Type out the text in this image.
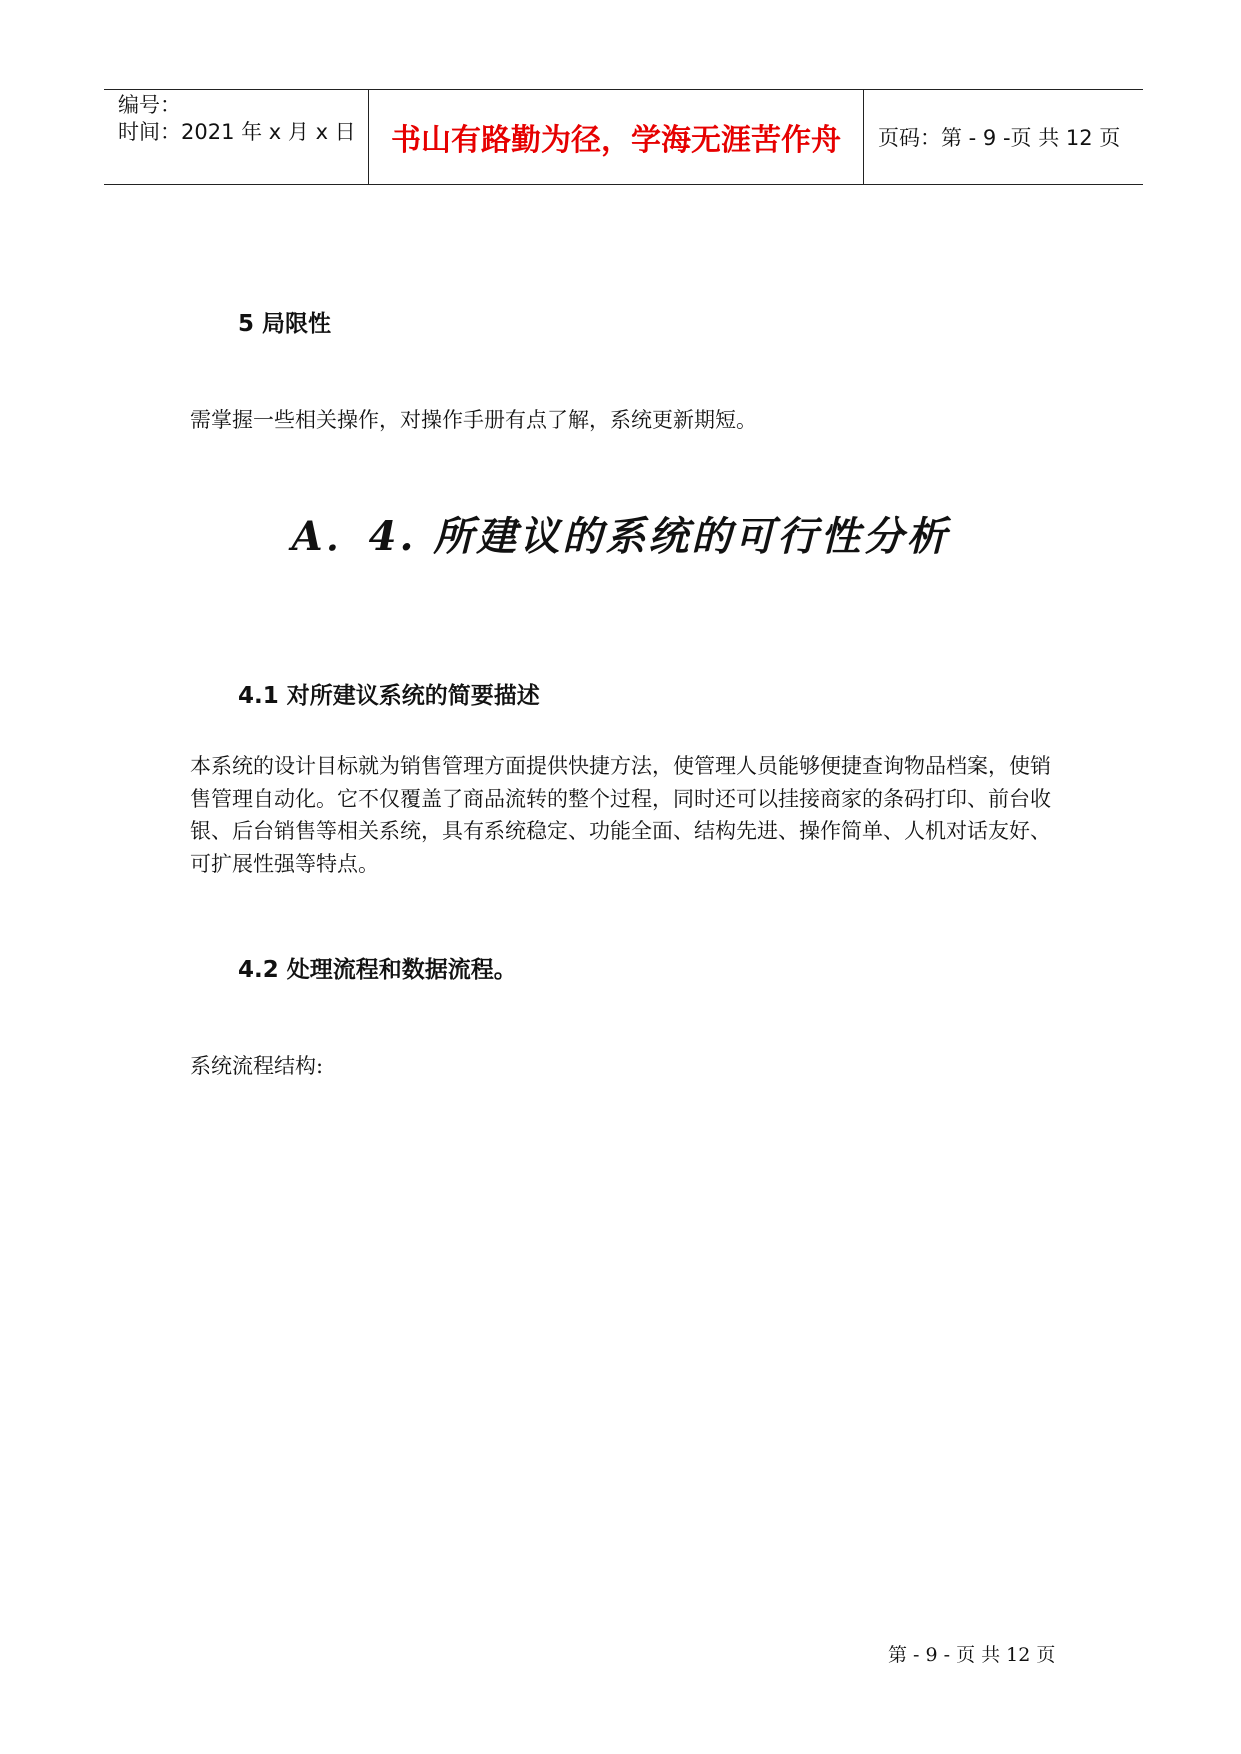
编号：
时间：2021 年 x 月 x 日 书山有路勤为径，学海无涯苦作舟 页码：第 - 9 -页 共 12 页
5 局限性

需掌握一些相关操作，对操作手册有点了解，系统更新期短。

A．4. 所建议的系统的可行性分析
4.1 对所建议系统的简要描述

本系统的设计目标就为销售管理方面提供快捷方法，使管理人员能够便捷查询物品档案，使销售管理自动化。它不仅覆盖了商品流转的整个过程，同时还可以挂接商家的条码打印、前台收银、后台销售等相关系统，具有系统稳定、功能全面、结构先进、操作简单、人机对话友好、可扩展性强等特点。

4.2 处理流程和数据流程。

系统流程结构:

第 - 9 - 页 共 12 页
